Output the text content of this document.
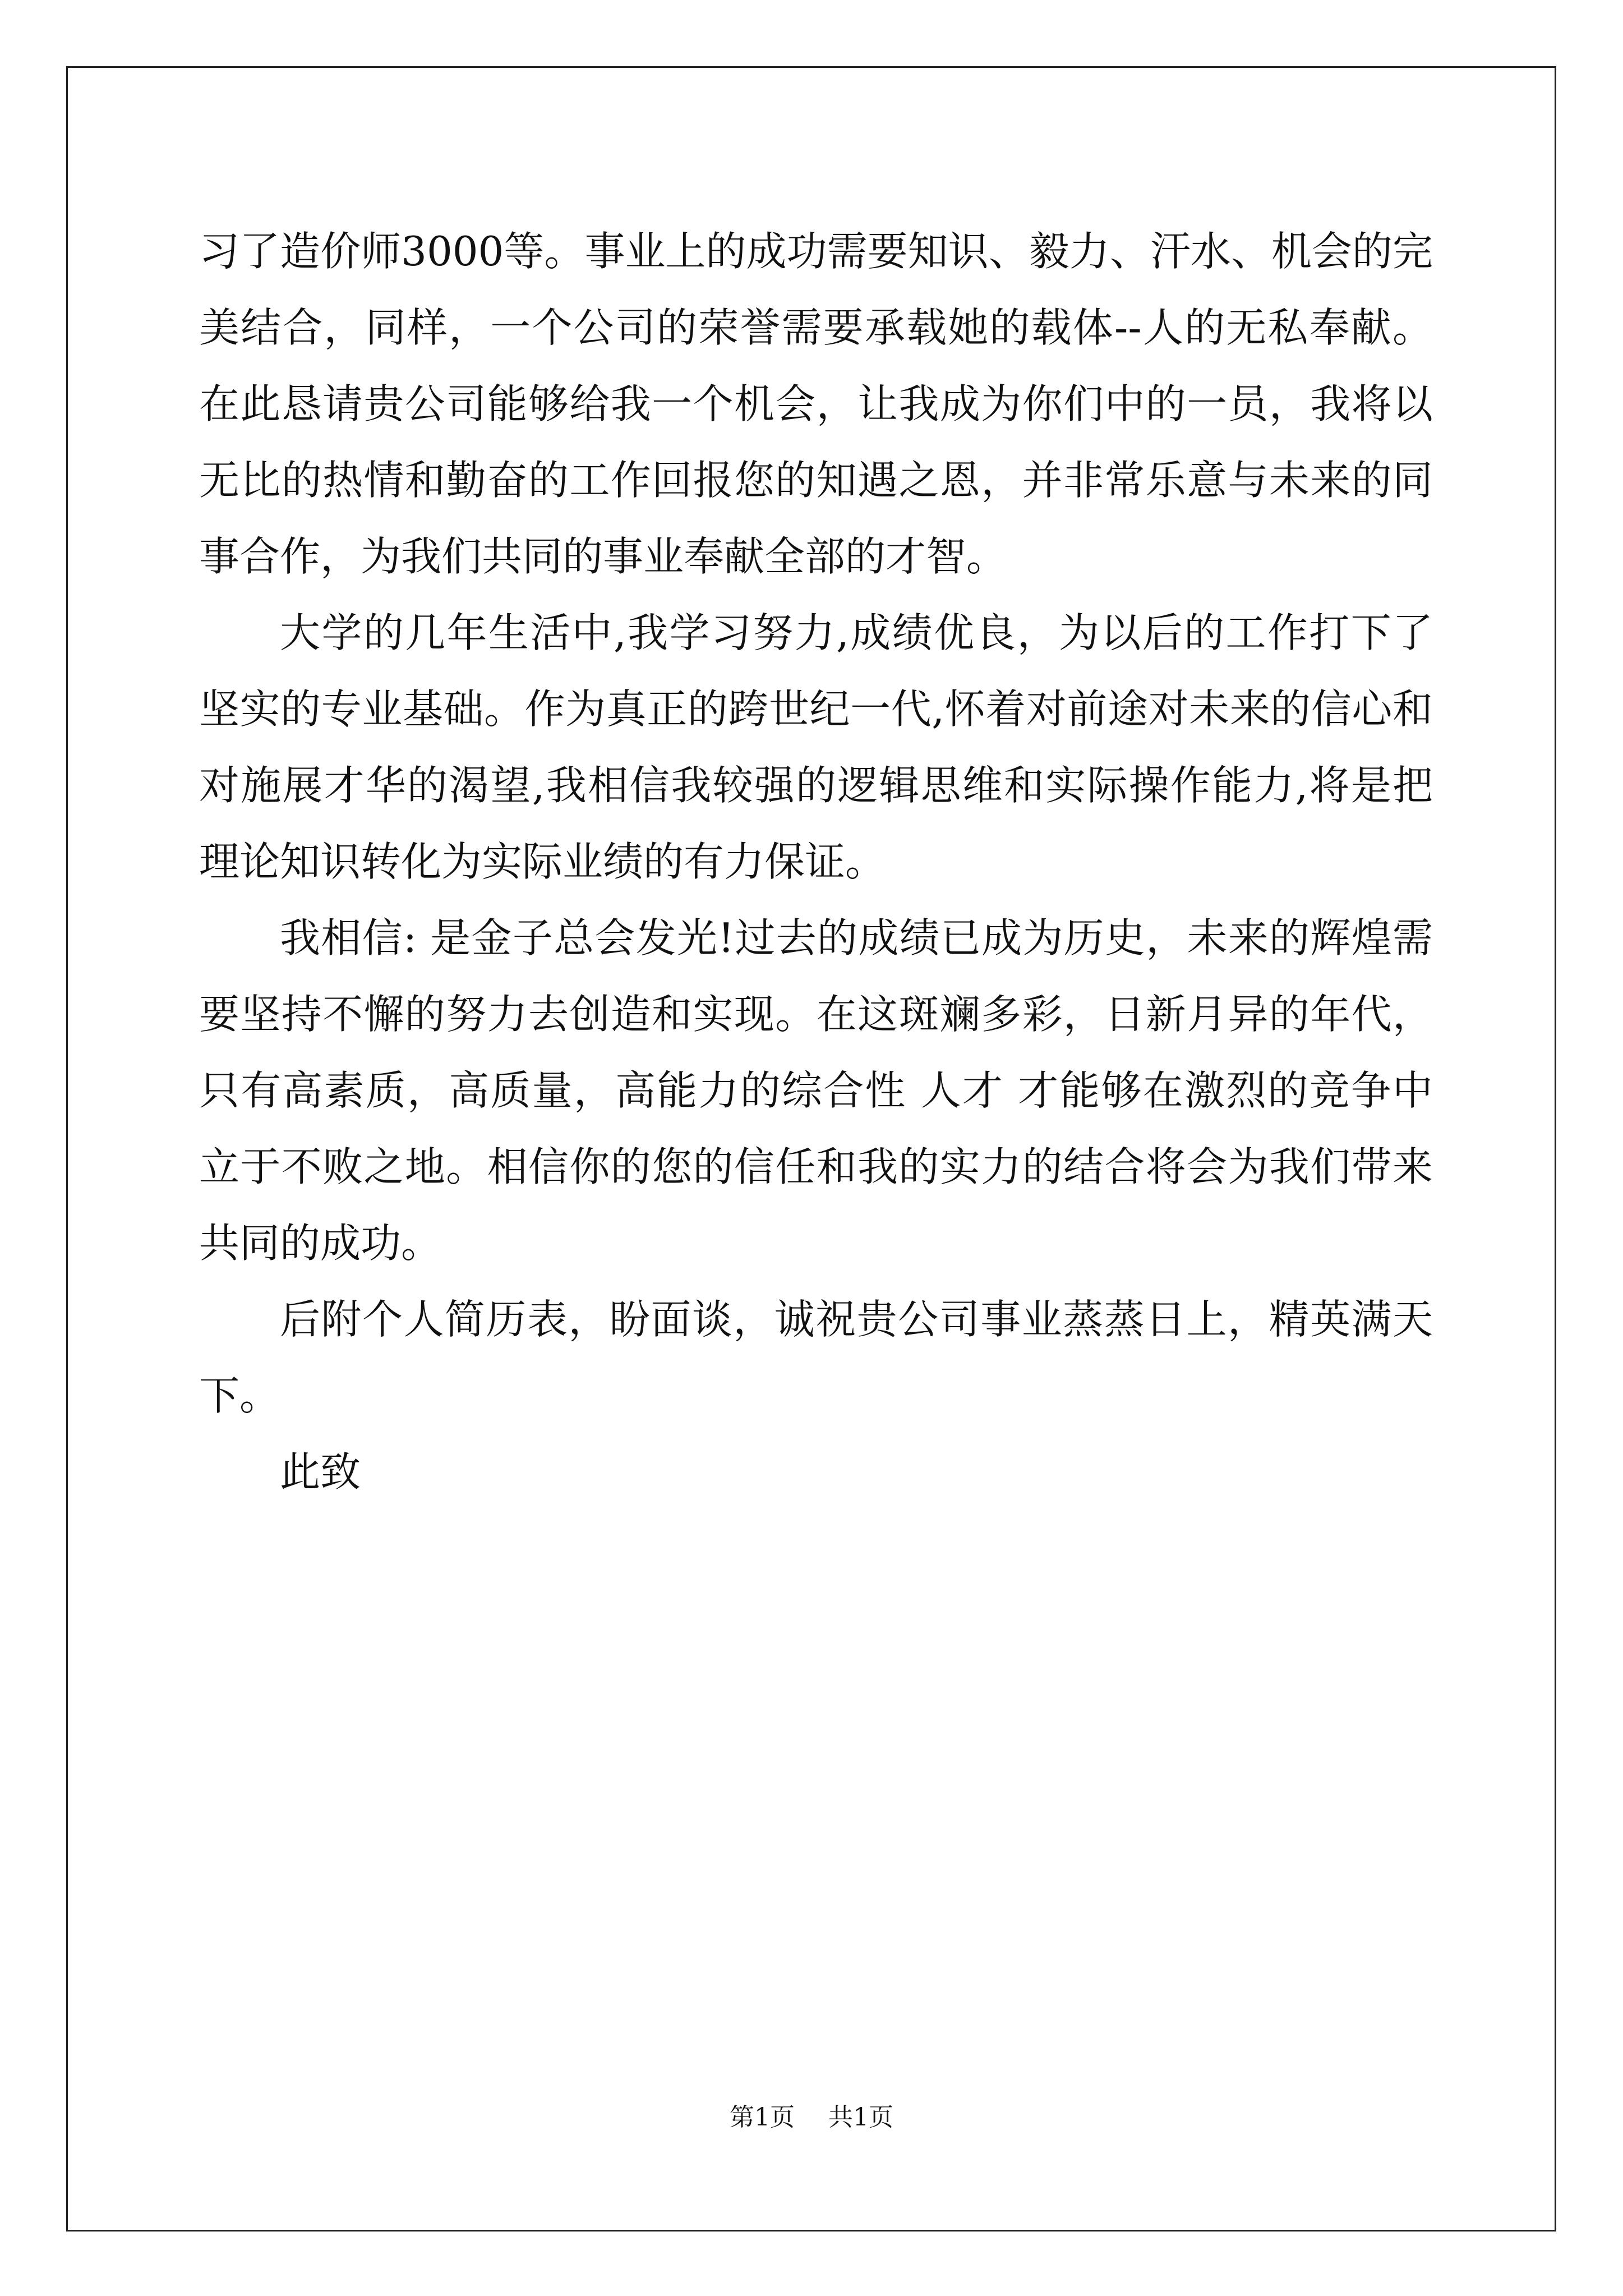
习了造价师3000等。事业上的成功需要知识、毅力、汗水、机会的完美结合，同样，一个公司的荣誉需要承载她的载体--人的无私奉献。在此恳请贵公司能够给我一个机会，让我成为你们中的一员，我将以无比的热情和勤奋的工作回报您的知遇之恩，并非常乐意与未来的同事合作，为我们共同的事业奉献全部的才智。

大学的几年生活中,我学习努力,成绩优良，为以后的工作打下了坚实的专业基础。作为真正的跨世纪一代,怀着对前途对未来的信心和对施展才华的渴望,我相信我较强的逻辑思维和实际操作能力,将是把理论知识转化为实际业绩的有力保证。

我相信: 是金子总会发光!过去的成绩已成为历史，未来的辉煌需要坚持不懈的努力去创造和实现。在这斑斓多彩，日新月异的年代，只有高素质，高质量，高能力的综合性 人才 才能够在激烈的竞争中立于不败之地。相信你的您的信任和我的实力的结合将会为我们带来共同的成功。

后附个人简历表，盼面谈，诚祝贵公司事业蒸蒸日上，精英满天下。

此致

第1页 共1页
